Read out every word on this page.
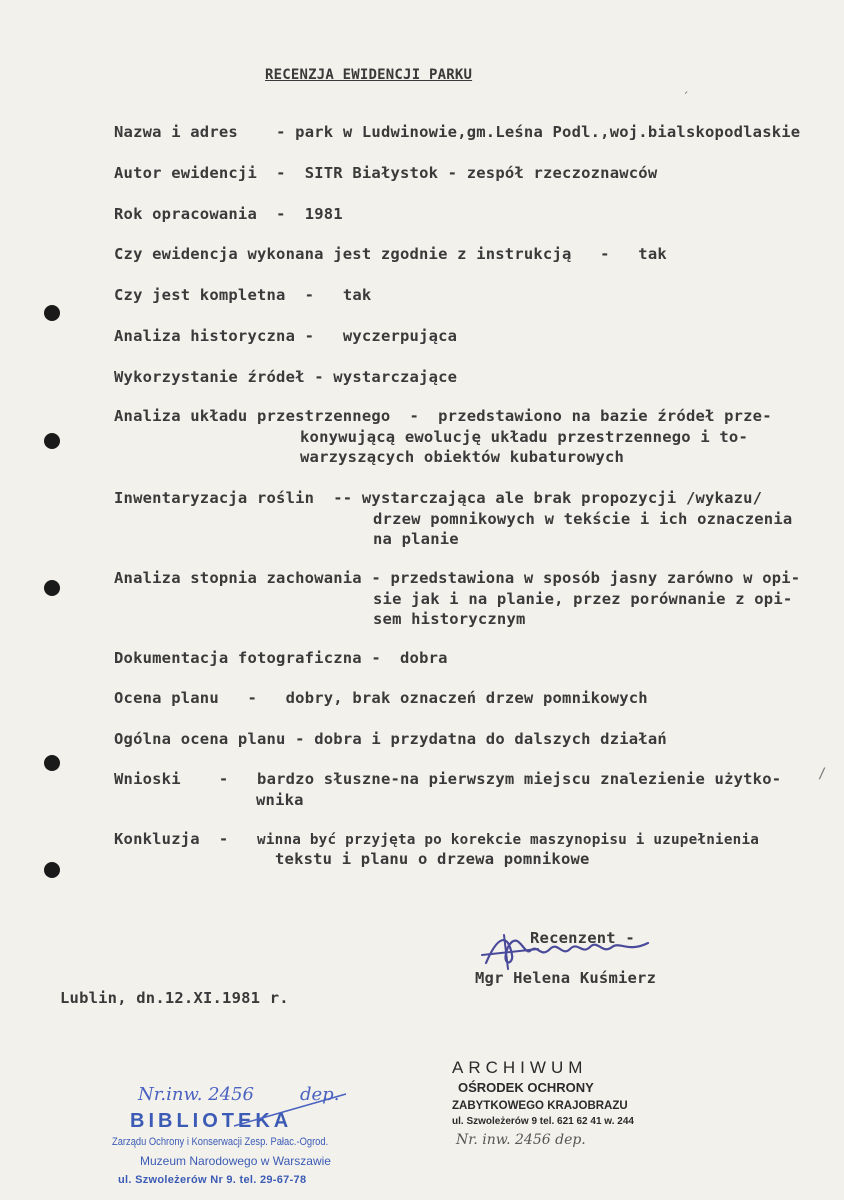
RECENZJA EWIDENCJI PARKU
′
Nazwa i adres - park w Ludwinowie,gm.Leśna Podl.,woj.bialskopodlaskie
Autor ewidencji - SITR Białystok - zespół rzeczoznawców
Rok opracowania - 1981
Czy ewidencja wykonana jest zgodnie z instrukcją - tak
Czy jest kompletna - tak
Analiza historyczna - wyczerpująca
Wykorzystanie źródeł - wystarczające
Analiza układu przestrzennego - przedstawiono na bazie źródeł prze-
konywującą ewolucję układu przestrzennego i to-
warzyszących obiektów kubaturowych
Inwentaryzacja roślin -- wystarczająca ale brak propozycji /wykazu/
drzew pomnikowych w tekście i ich oznaczenia
na planie
Analiza stopnia zachowania - przedstawiona w sposób jasny zarówno w opi-
sie jak i na planie, przez porównanie z opi-
sem historycznym
Dokumentacja fotograficzna - dobra
Ocena planu - dobry, brak oznaczeń drzew pomnikowych
Ogólna ocena planu - dobra i przydatna do dalszych działań
Wnioski - bardzo słuszne-na pierwszym miejscu znalezienie użytko-
wnika
/
Konkluzja - winna być przyjęta po korekcie maszynopisu i uzupełnienia
tekstu i planu o drzewa pomnikowe
Recenzent -
Mgr Helena Kuśmierz
Lublin, dn.12.XI.1981 r.
Nr.inw. 2456	dep.
BIBLIOTEKA
Zarządu Ochrony i Konserwacji Zesp. Pałac.-Ogrod.
Muzeum Narodowego w Warszawie
ul. Szwoleżerów Nr 9. tel. 29-67-78
ARCHIWUM
OŚRODEK OCHRONY
ZABYTKOWEGO KRAJOBRAZU
ul. Szwoleżerów 9 tel. 621 62 41 w. 244
Nr. inw. 2456 dep.
